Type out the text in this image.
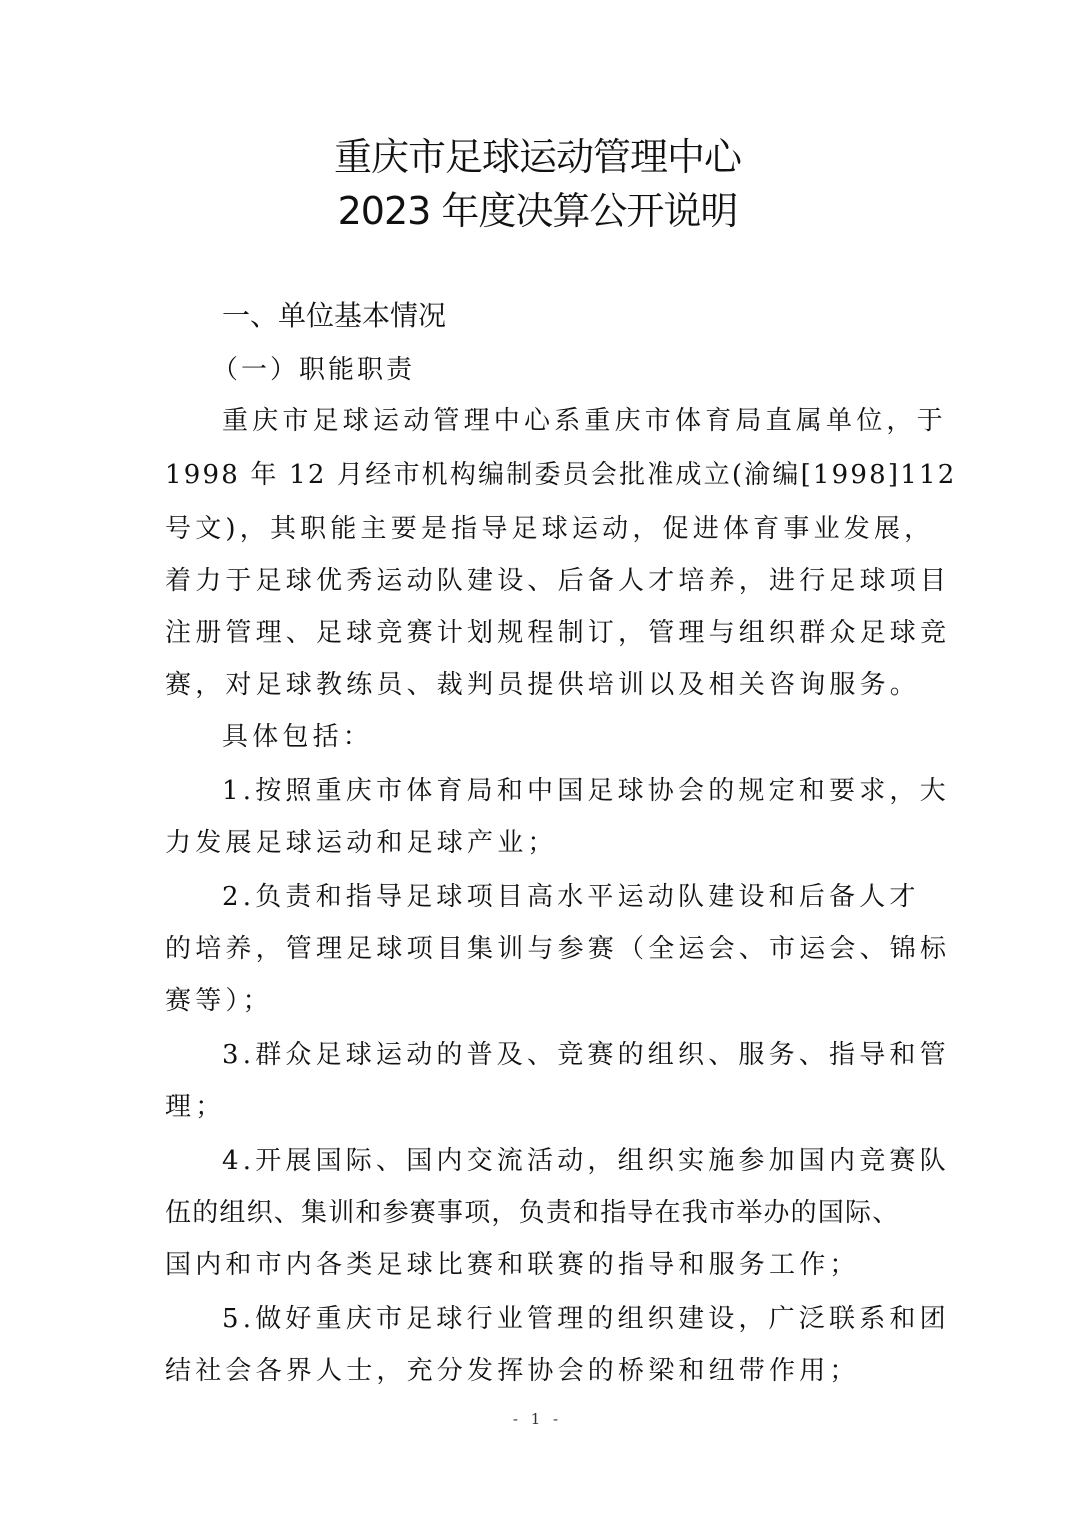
重庆市足球运动管理中心
2023 年度决算公开说明
一、单位基本情况
（一）职能职责
重庆市足球运动管理中心系重庆市体育局直属单位，于
1998 年 12 月经市机构编制委员会批准成立(渝编[1998]112
号文)，其职能主要是指导足球运动，促进体育事业发展，
着力于足球优秀运动队建设、后备人才培养，进行足球项目
注册管理、足球竞赛计划规程制订，管理与组织群众足球竞
赛，对足球教练员、裁判员提供培训以及相关咨询服务。
具体包括：
1.按照重庆市体育局和中国足球协会的规定和要求，大
力发展足球运动和足球产业；
2.负责和指导足球项目高水平运动队建设和后备人才
的培养，管理足球项目集训与参赛（全运会、市运会、锦标
赛等）；
3.群众足球运动的普及、竞赛的组织、服务、指导和管
理；
4.开展国际、国内交流活动，组织实施参加国内竞赛队
伍的组织、集训和参赛事项，负责和指导在我市举办的国际、
国内和市内各类足球比赛和联赛的指导和服务工作；
5.做好重庆市足球行业管理的组织建设，广泛联系和团
结社会各界人士，充分发挥协会的桥梁和纽带作用；
- 1 -
